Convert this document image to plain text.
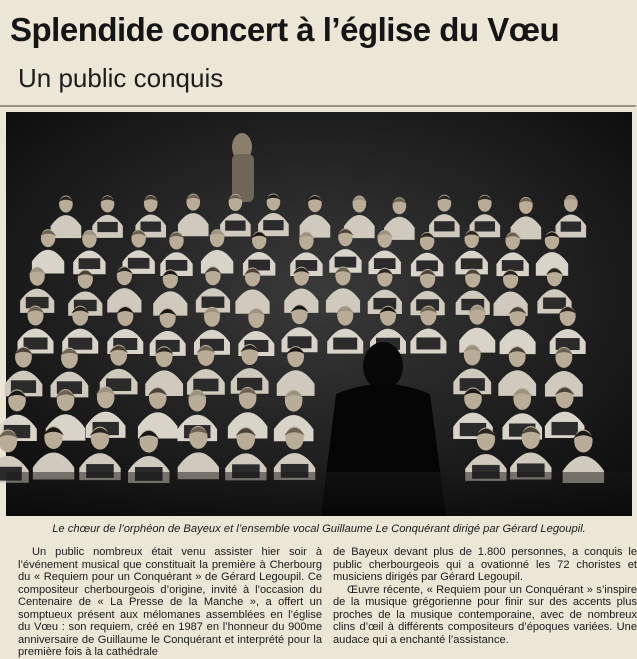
Splendide concert à l’église du Vœu
Un public conquis
Le chœur de l’orphéon de Bayeux et l’ensemble vocal Guillaume Le Conquérant dirigé par Gérard Legoupil.

Un public nombreux était venu assister hier soir à l’événement musical que constituait la première à Cherbourg du « Requiem pour un Conquérant » de Gérard Legoupil. Ce compositeur cherbourgeois d’origine, invité à l’occasion du Centenaire de « La Presse de la Manche », a offert un somptueux présent aux mélomanes assemblées en l’église du Vœu : son requiem, créé en 1987 en l’honneur du 900me anniversaire de Guillaume le Conquérant et interprété pour la première fois à la cathédrale

de Bayeux devant plus de 1.800 personnes, a conquis le public cherbourgeois qui a ovationné les 72 choristes et musiciens dirigés par Gérard Legoupil.

Œuvre récente, « Requiem pour un Conquérant » s’inspire de la musique grégorienne pour finir sur des accents plus proches de la musique contemporaine, avec de nombreux clins d’œil à différents compositeurs d’époques variées. Une audace qui a enchanté l’assistance.
